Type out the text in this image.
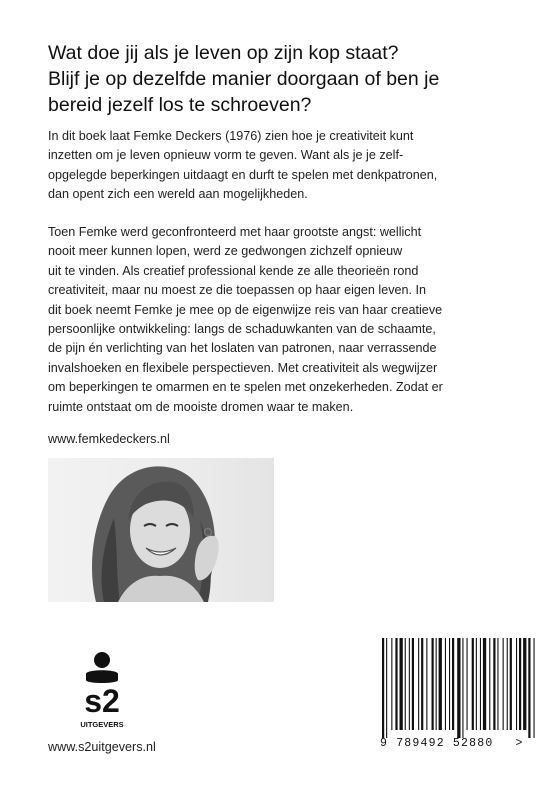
Wat doe jij als je leven op zijn kop staat?
Blijf je op dezelfde manier doorgaan of ben je
bereid jezelf los te schroeven?
In dit boek laat Femke Deckers (1976) zien hoe je creativiteit kunt
inzetten om je leven opnieuw vorm te geven. Want als je je zelf-
opgelegde beperkingen uitdaagt en durft te spelen met denkpatronen,
dan opent zich een wereld aan mogelijkheden.
Toen Femke werd geconfronteerd met haar grootste angst: wellicht
nooit meer kunnen lopen, werd ze gedwongen zichzelf opnieuw
uit te vinden. Als creatief professional kende ze alle theorieën rond
creativiteit, maar nu moest ze die toepassen op haar eigen leven. In
dit boek neemt Femke je mee op de eigenwijze reis van haar creatieve
persoonlijke ontwikkeling: langs de schaduwkanten van de schaamte,
de pijn én verlichting van het loslaten van patronen, naar verrassende
invalshoeken en flexibele perspectieven. Met creativiteit als wegwijzer
om beperkingen te omarmen en te spelen met onzekerheden. Zodat er
ruimte ontstaat om de mooiste dromen waar te maken.
www.femkedeckers.nl
s2
UITGEVERS
www.s2uitgevers.nl	9 789492 52880 >
